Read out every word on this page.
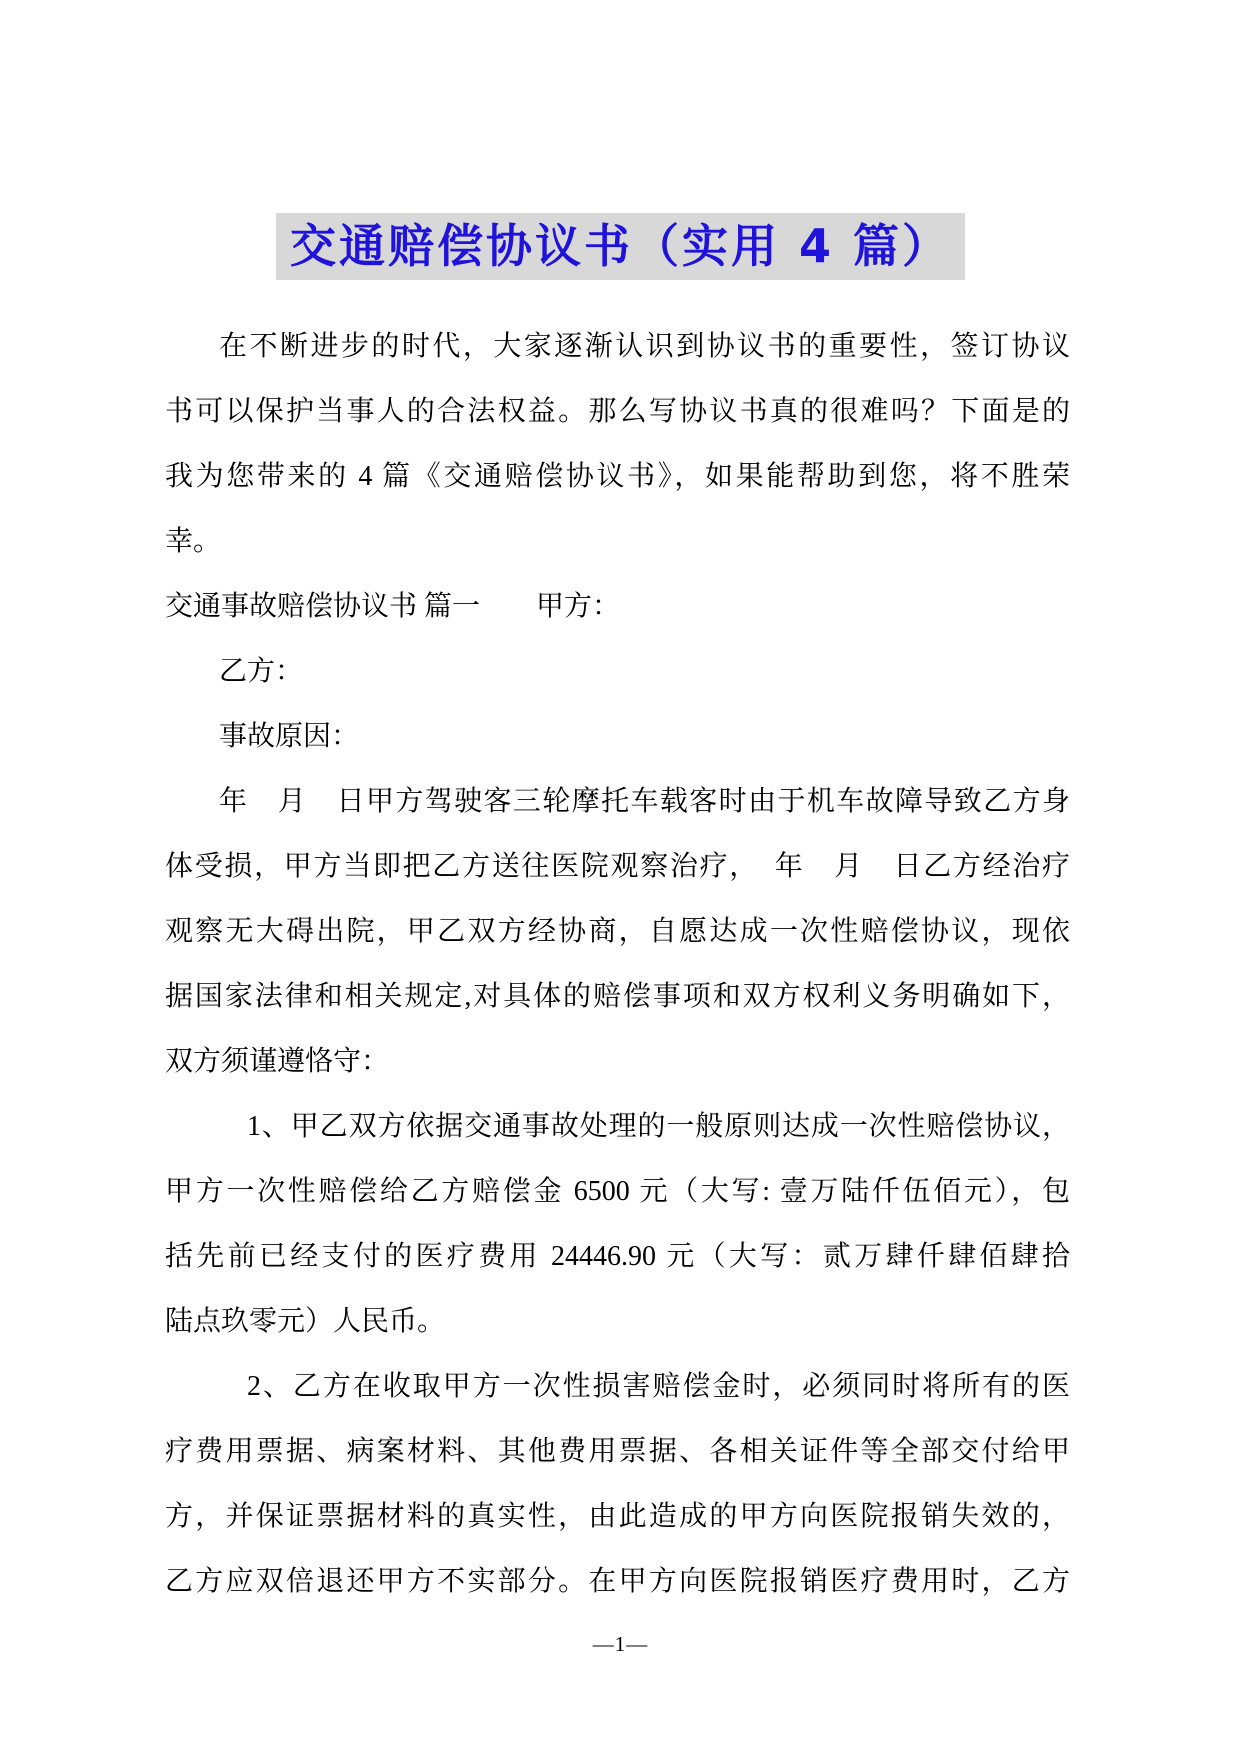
交通赔偿协议书（实用 4 篇）
在不断进步的时代，大家逐渐认识到协议书的重要性，签订协议
书可以保护当事人的合法权益。那么写协议书真的很难吗？下面是的
我为您带来的 4 篇《交通赔偿协议书》，如果能帮助到您，将不胜荣
幸。
交通事故赔偿协议书 篇一　　甲方：
乙方：
事故原因：
年　月　日甲方驾驶客三轮摩托车载客时由于机车故障导致乙方身
体受损，甲方当即把乙方送往医院观察治疗，　年　月　日乙方经治疗
观察无大碍出院，甲乙双方经协商，自愿达成一次性赔偿协议，现依
据国家法律和相关规定,对具体的赔偿事项和双方权利义务明确如下，
双方须谨遵恪守：
1、甲乙双方依据交通事故处理的一般原则达成一次性赔偿协议，
甲方一次性赔偿给乙方赔偿金 6500 元（大写: 壹万陆仟伍佰元），包
括先前已经支付的医疗费用 24446.90 元（大写：贰万肆仟肆佰肆拾
陆点玖零元）人民币。
2、乙方在收取甲方一次性损害赔偿金时，必须同时将所有的医
疗费用票据、病案材料、其他费用票据、各相关证件等全部交付给甲
方，并保证票据材料的真实性，由此造成的甲方向医院报销失效的，
乙方应双倍退还甲方不实部分。在甲方向医院报销医疗费用时，乙方
—1—
